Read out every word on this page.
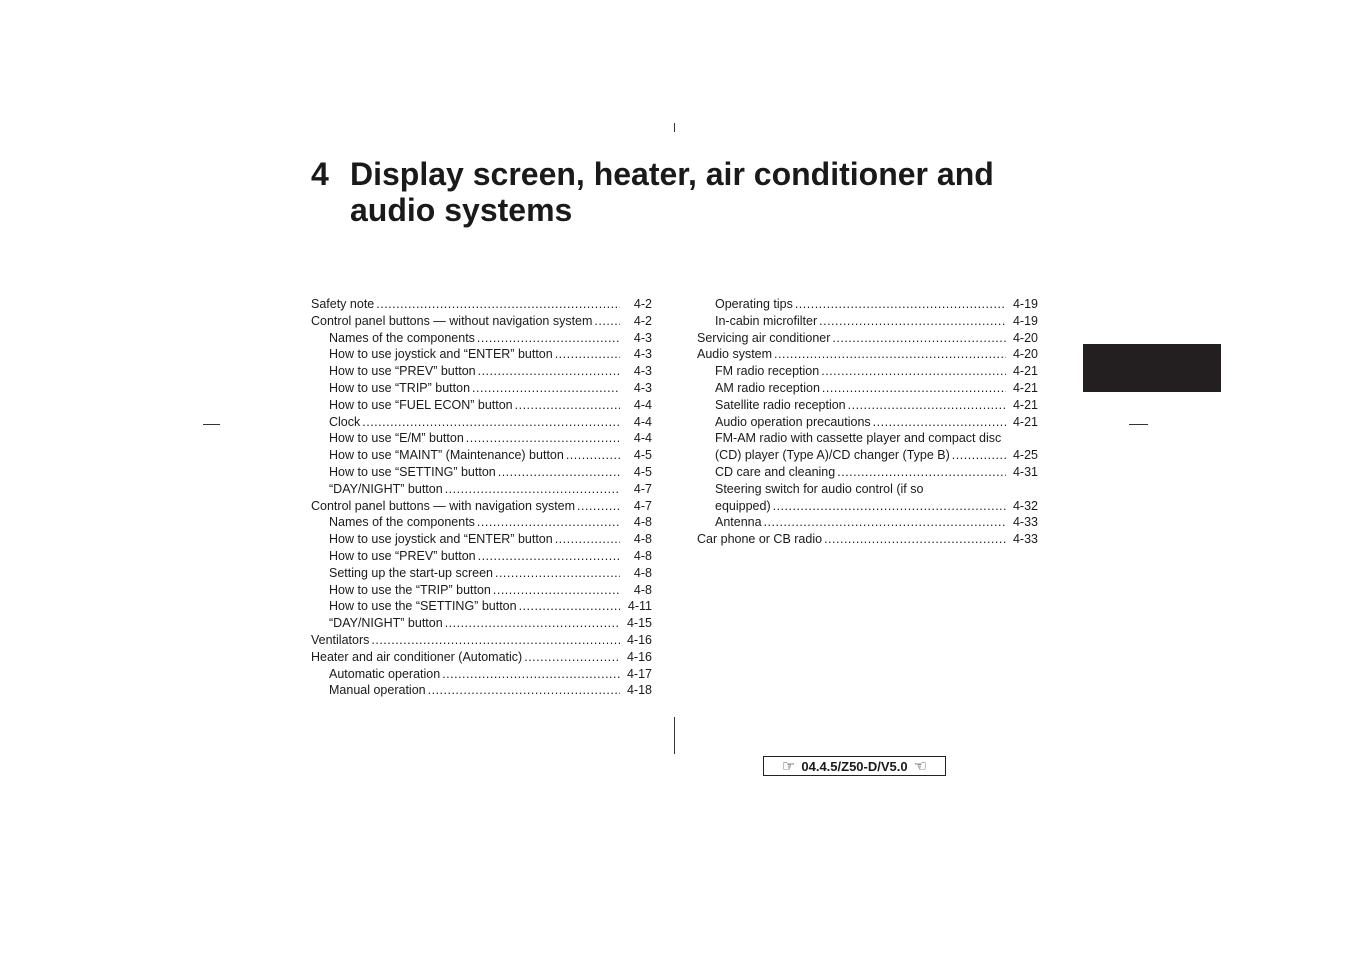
4 Display screen, heater, air conditioner and audio systems
Safety note .....	4-2
Control panel buttons — without navigation system .....	4-2
Names of the components .....	4-3
How to use joystick and “ENTER” button .....	4-3
How to use “PREV” button .....	4-3
How to use “TRIP” button .....	4-3
How to use “FUEL ECON” button .....	4-4
Clock .....	4-4
How to use “E/M” button .....	4-4
How to use “MAINT” (Maintenance) button .....	4-5
How to use “SETTING” button .....	4-5
“DAY/NIGHT” button .....	4-7
Control panel buttons — with navigation system .....	4-7
Names of the components .....	4-8
How to use joystick and “ENTER” button .....	4-8
How to use “PREV” button .....	4-8
Setting up the start-up screen .....	4-8
How to use the “TRIP” button .....	4-8
How to use the “SETTING” button .....	4-11
“DAY/NIGHT” button .....	4-15
Ventilators .....	4-16
Heater and air conditioner (Automatic) .....	4-16
Automatic operation .....	4-17
Manual operation .....	4-18
Operating tips .....	4-19
In-cabin microfilter .....	4-19
Servicing air conditioner .....	4-20
Audio system .....	4-20
FM radio reception .....	4-21
AM radio reception .....	4-21
Satellite radio reception .....	4-21
Audio operation precautions .....	4-21
FM-AM radio with cassette player and compact disc
(CD) player (Type A)/CD changer (Type B) .....	4-25
CD care and cleaning .....	4-31
Steering switch for audio control (if so
equipped) .....	4-32
Antenna .....	4-33
Car phone or CB radio .....	4-33
☞ 04.4.5/Z50-D/V5.0 ☜
